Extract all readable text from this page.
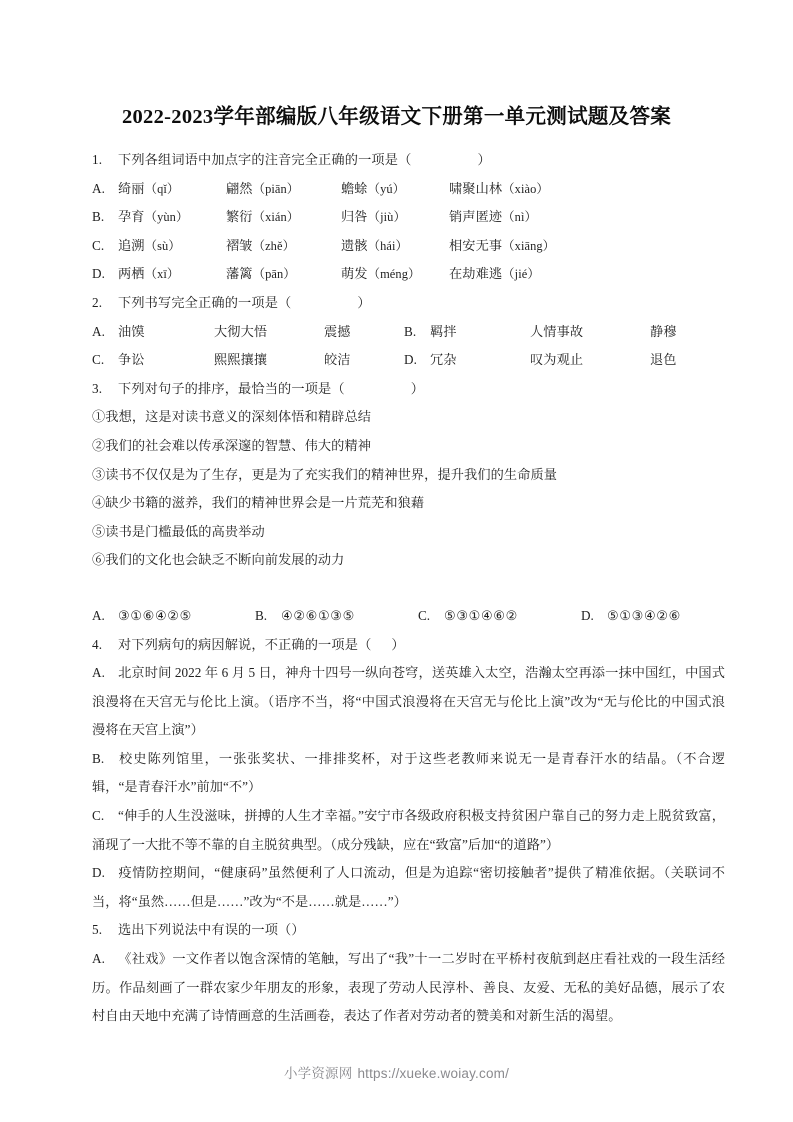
2022-2023学年部编版八年级语文下册第一单元测试题及答案
1. 下列各组词语中加点字的注音完全正确的一项是（	）
A. 绮丽（qǐ）	翩然（piān）	蟾蜍（yú）	啸聚山林（xiào）
B. 孕育（yùn）	繁衍（xián）	归咎（jiù）	销声匿迹（nì）
C. 追溯（sù）	褶皱（zhě）	遗骸（hái）	相安无事（xiāng）
D. 两栖（xī）	藩篱（pān）	萌发（méng） 在劫难逃（jié）
2. 下列书写完全正确的一项是（	）
A. 油馍	大彻大悟	震撼	B. 羁拌	人情事故	静穆
C. 争讼	熙熙攘攘	皎洁	D. 冗杂	叹为观止	退色
3. 下列对句子的排序，最恰当的一项是（	）
①我想，这是对读书意义的深刻体悟和精辟总结
②我们的社会难以传承深邃的智慧、伟大的精神
③读书不仅仅是为了生存，更是为了充实我们的精神世界，提升我们的生命质量
④缺少书籍的滋养，我们的精神世界会是一片荒芜和狼藉
⑤读书是门槛最低的高贵举动
⑥我们的文化也会缺乏不断向前发展的动力
A. ③①⑥④②⑤	B. ④②⑥①③⑤	C. ⑤③①④⑥②	D. ⑤①③④②⑥
4. 对下列病句的病因解说，不正确的一项是（ ）
A. 北京时间 2022 年 6 月 5 日，神舟十四号一纵向苍穹，送英雄入太空，浩瀚太空再添一抹中国红，中国式浪漫将在天宫无与伦比上演。（语序不当，将“中国式浪漫将在天宫无与伦比上演”改为“无与伦比的中国式浪漫将在天宫上演”）
B. 校史陈列馆里，一张张奖状、一排排奖杯，对于这些老教师来说无一是青春汗水的结晶。（不合逻辑，“是青春汗水”前加“不”）
C. “伸手的人生没滋味，拼搏的人生才幸福。”安宁市各级政府积极支持贫困户靠自己的努力走上脱贫致富，涌现了一大批不等不靠的自主脱贫典型。（成分残缺，应在“致富”后加“的道路”）
D. 疫情防控期间，“健康码”虽然便利了人口流动，但是为追踪“密切接触者”提供了精准依据。（关联词不当，将“虽然……但是……”改为“不是……就是……”）
5. 选出下列说法中有误的一项（）
A. 《社戏》一文作者以饱含深情的笔触，写出了“我”十一二岁时在平桥村夜航到赵庄看社戏的一段生活经历。作品刻画了一群农家少年朋友的形象，表现了劳动人民淳朴、善良、友爱、无私的美好品德，展示了农村自由天地中充满了诗情画意的生活画卷，表达了作者对劳动者的赞美和对新生活的渴望。
小学资源网 https://xueke.woiay.com/
